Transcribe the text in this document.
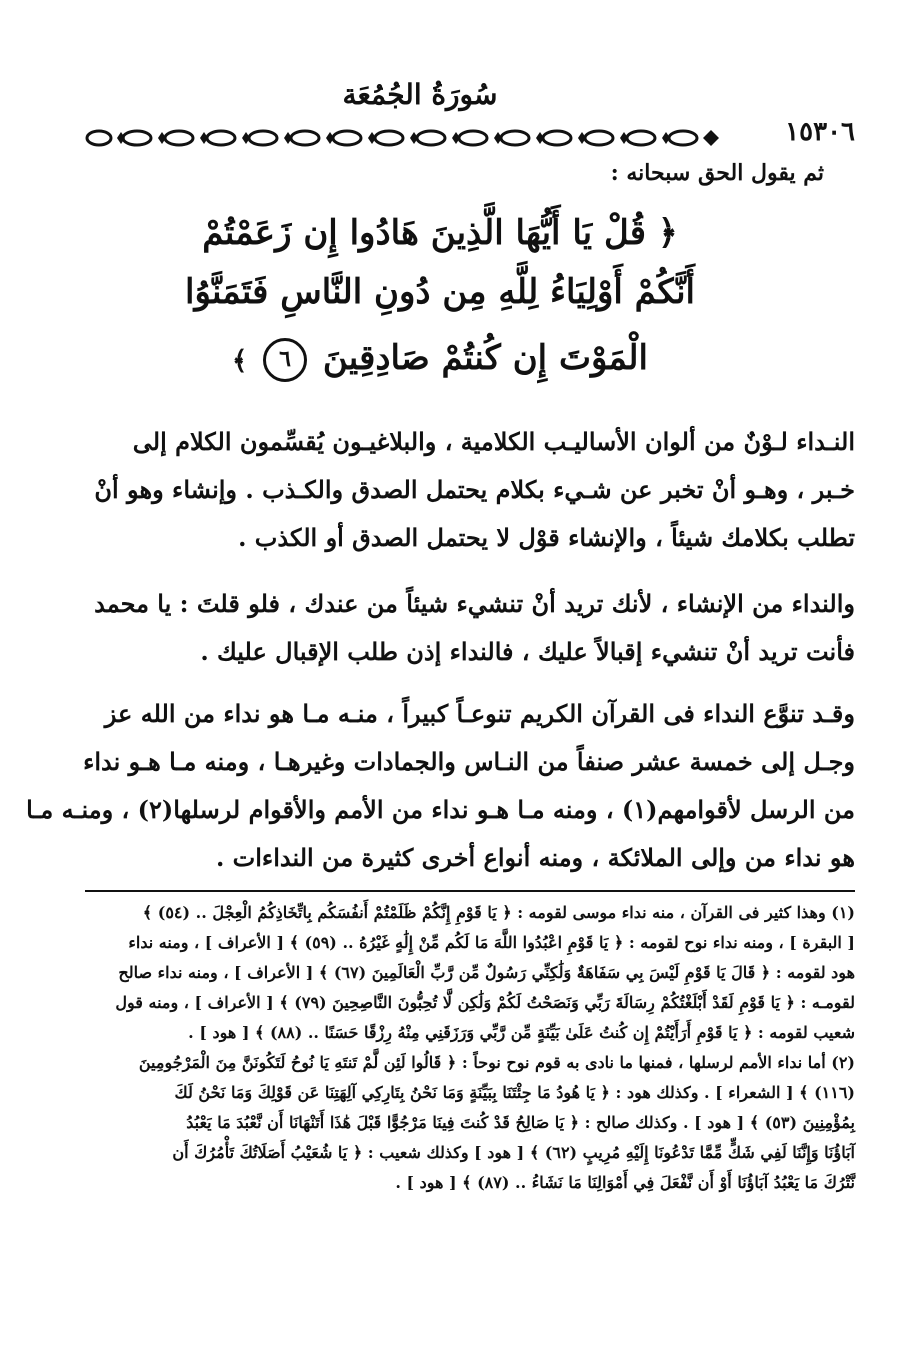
سُورَةُ الجُمُعَة
١٥٣٠٦
ثم يقول الحق سبحانه :
﴿ قُلْ يَا أَيُّهَا الَّذِينَ هَادُوا إِن زَعَمْتُمْ
أَنَّكُمْ أَوْلِيَاءُ لِلَّهِ مِن دُونِ النَّاسِ فَتَمَنَّوُا
الْمَوْتَ إِن كُنتُمْ صَادِقِينَ ٦ ﴾
النـداء لـوْنٌ من ألوان الأساليـب الكلامية ، والبلاغيـون يُقسِّمون الكلام إلى
خـبر ، وهـو أنْ تخبر عن شـيء بكلام يحتمل الصدق والكـذب . وإنشاء وهو أنْ
تطلب بكلامك شيئاً ، والإنشاء قوْل لا يحتمل الصدق أو الكذب .
والنداء من الإنشاء ، لأنك تريد أنْ تنشيء شيئاً من عندك ، فلو قلتَ : يا محمد
فأنت تريد أنْ تنشيء إقبالاً عليك ، فالنداء إذن طلب الإقبال عليك .
وقـد تنوَّع النداء فى القرآن الكريم تنوعـاً كبيراً ، منـه مـا هو نداء من الله عز
وجـل إلى خمسة عشر صنفاً من النـاس والجمادات وغيرهـا ، ومنه مـا هـو نداء
من الرسل لأقوامهم(١) ، ومنه مـا هـو نداء من الأمم والأقوام لرسلها(٢) ، ومنـه مـا
هو نداء من وإلى الملائكة ، ومنه أنواع أخرى كثيرة من النداءات .
(١) وهذا كثير فى القرآن ، منه نداء موسى لقومه : ﴿ يَا قَوْمِ إِنَّكُمْ ظَلَمْتُمْ أَنفُسَكُم بِاتِّخَاذِكُمُ الْعِجْلَ .. (٥٤) ﴾
[ البقرة ] ، ومنه نداء نوح لقومه : ﴿ يَا قَوْمِ اعْبُدُوا اللَّهَ مَا لَكُم مِّنْ إِلَٰهٍ غَيْرُهُ .. (٥٩) ﴾ [ الأعراف ] ، ومنه نداء
هود لقومه : ﴿ قَالَ يَا قَوْمِ لَيْسَ بِي سَفَاهَةٌ وَلَٰكِنِّي رَسُولٌ مِّن رَّبِّ الْعَالَمِينَ (٦٧) ﴾ [ الأعراف ] ، ومنه نداء صالح
لقومـه : ﴿ يَا قَوْمِ لَقَدْ أَبْلَغْتُكُمْ رِسَالَةَ رَبِّي وَنَصَحْتُ لَكُمْ وَلَٰكِن لَّا تُحِبُّونَ النَّاصِحِينَ (٧٩) ﴾ [ الأعراف ] ، ومنه قول
شعيب لقومه : ﴿ يَا قَوْمِ أَرَأَيْتُمْ إِن كُنتُ عَلَىٰ بَيِّنَةٍ مِّن رَّبِّي وَرَزَقَنِي مِنْهُ رِزْقًا حَسَنًا .. (٨٨) ﴾ [ هود ] .
(٢) أما نداء الأمم لرسلها ، فمنها ما نادى به قوم نوح نوحاً : ﴿ قَالُوا لَئِن لَّمْ تَنتَهِ يَا نُوحُ لَتَكُونَنَّ مِنَ الْمَرْجُومِينَ
(١١٦) ﴾ [ الشعراء ] . وكذلك هود : ﴿ يَا هُودُ مَا جِئْتَنَا بِبَيِّنَةٍ وَمَا نَحْنُ بِتَارِكِي آلِهَتِنَا عَن قَوْلِكَ وَمَا نَحْنُ لَكَ
بِمُؤْمِنِينَ (٥٣) ﴾ [ هود ] . وكذلك صالح : ﴿ يَا صَالِحُ قَدْ كُنتَ فِينَا مَرْجُوًّا قَبْلَ هَٰذَا أَتَنْهَانَا أَن نَّعْبُدَ مَا يَعْبُدُ
آبَاؤُنَا وَإِنَّنَا لَفِي شَكٍّ مِّمَّا تَدْعُونَا إِلَيْهِ مُرِيبٍ (٦٢) ﴾ [ هود ] وكذلك شعيب : ﴿ يَا شُعَيْبُ أَصَلَاتُكَ تَأْمُرُكَ أَن
نَّتْرُكَ مَا يَعْبُدُ آبَاؤُنَا أَوْ أَن نَّفْعَلَ فِي أَمْوَالِنَا مَا نَشَاءُ .. (٨٧) ﴾ [ هود ] .
